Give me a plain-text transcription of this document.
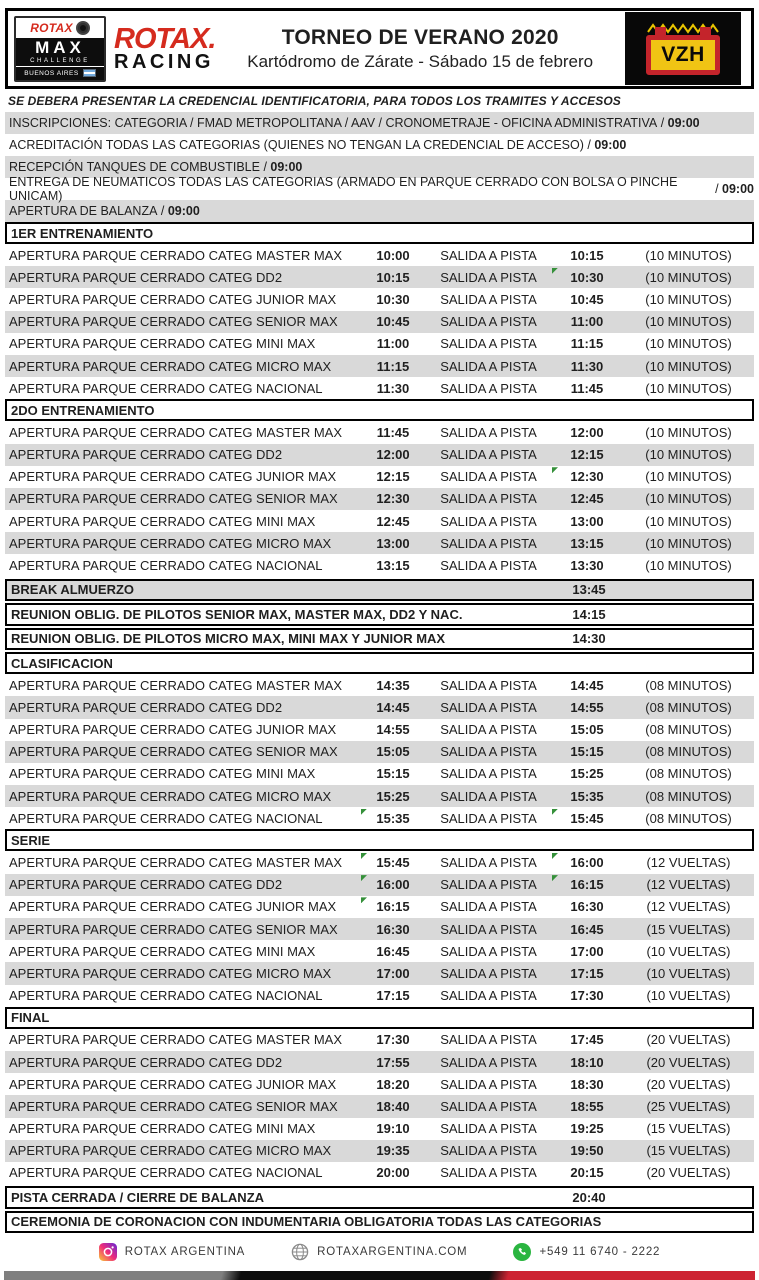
ROTAX
MAX
CHALLENGE
BUENOS AIRES
ROTAX.
RACING
TORNEO DE VERANO 2020
Kartódromo de Zárate - Sábado 15 de febrero	VZH
SE DEBERA PRESENTAR LA CREDENCIAL IDENTIFICATORIA, PARA TODOS LOS TRAMITES Y ACCESOS
INSCRIPCIONES: CATEGORIA / FMAD METROPOLITANA / AAV / CRONOMETRAJE - OFICINA ADMINISTRATIVA / 09:00
ACREDITACIÓN TODAS LAS CATEGORIAS (QUIENES NO TENGAN LA CREDENCIAL DE ACCESO) / 09:00
RECEPCIÓN TANQUES DE COMBUSTIBLE / 09:00
ENTREGA DE NEUMATICOS TODAS LAS CATEGORIAS (ARMADO EN PARQUE CERRADO CON BOLSA O PINCHE UNICAM)	/ 09:00
APERTURA DE BALANZA / 09:00
1ER ENTRENAMIENTO
APERTURA PARQUE CERRADO CATEG MASTER MAX	10:00	SALIDA A PISTA	10:15	(10 MINUTOS)
APERTURA PARQUE CERRADO CATEG DD2	10:15	SALIDA A PISTA	10:30	(10 MINUTOS)
APERTURA PARQUE CERRADO CATEG JUNIOR MAX	10:30	SALIDA A PISTA	10:45	(10 MINUTOS)
APERTURA PARQUE CERRADO CATEG SENIOR MAX	10:45	SALIDA A PISTA	11:00	(10 MINUTOS)
APERTURA PARQUE CERRADO CATEG MINI MAX	11:00	SALIDA A PISTA	11:15	(10 MINUTOS)
APERTURA PARQUE CERRADO CATEG MICRO MAX	11:15	SALIDA A PISTA	11:30	(10 MINUTOS)
APERTURA PARQUE CERRADO CATEG NACIONAL	11:30	SALIDA A PISTA	11:45	(10 MINUTOS)
2DO ENTRENAMIENTO
APERTURA PARQUE CERRADO CATEG MASTER MAX	11:45	SALIDA A PISTA	12:00	(10 MINUTOS)
APERTURA PARQUE CERRADO CATEG DD2	12:00	SALIDA A PISTA	12:15	(10 MINUTOS)
APERTURA PARQUE CERRADO CATEG JUNIOR MAX	12:15	SALIDA A PISTA	12:30	(10 MINUTOS)
APERTURA PARQUE CERRADO CATEG SENIOR MAX	12:30	SALIDA A PISTA	12:45	(10 MINUTOS)
APERTURA PARQUE CERRADO CATEG MINI MAX	12:45	SALIDA A PISTA	13:00	(10 MINUTOS)
APERTURA PARQUE CERRADO CATEG MICRO MAX	13:00	SALIDA A PISTA	13:15	(10 MINUTOS)
APERTURA PARQUE CERRADO CATEG NACIONAL	13:15	SALIDA A PISTA	13:30	(10 MINUTOS)
BREAK ALMUERZO	13:45
REUNION OBLIG. DE PILOTOS SENIOR MAX, MASTER MAX, DD2 Y NAC.	14:15
REUNION OBLIG. DE PILOTOS MICRO MAX, MINI MAX Y JUNIOR MAX	14:30
CLASIFICACION
APERTURA PARQUE CERRADO CATEG MASTER MAX	14:35	SALIDA A PISTA	14:45	(08 MINUTOS)
APERTURA PARQUE CERRADO CATEG DD2	14:45	SALIDA A PISTA	14:55	(08 MINUTOS)
APERTURA PARQUE CERRADO CATEG JUNIOR MAX	14:55	SALIDA A PISTA	15:05	(08 MINUTOS)
APERTURA PARQUE CERRADO CATEG SENIOR MAX	15:05	SALIDA A PISTA	15:15	(08 MINUTOS)
APERTURA PARQUE CERRADO CATEG MINI MAX	15:15	SALIDA A PISTA	15:25	(08 MINUTOS)
APERTURA PARQUE CERRADO CATEG MICRO MAX	15:25	SALIDA A PISTA	15:35	(08 MINUTOS)
APERTURA PARQUE CERRADO CATEG NACIONAL	15:35	SALIDA A PISTA	15:45	(08 MINUTOS)
SERIE
APERTURA PARQUE CERRADO CATEG MASTER MAX	15:45	SALIDA A PISTA	16:00	(12 VUELTAS)
APERTURA PARQUE CERRADO CATEG DD2	16:00	SALIDA A PISTA	16:15	(12 VUELTAS)
APERTURA PARQUE CERRADO CATEG JUNIOR MAX	16:15	SALIDA A PISTA	16:30	(12 VUELTAS)
APERTURA PARQUE CERRADO CATEG SENIOR MAX	16:30	SALIDA A PISTA	16:45	(15 VUELTAS)
APERTURA PARQUE CERRADO CATEG MINI MAX	16:45	SALIDA A PISTA	17:00	(10 VUELTAS)
APERTURA PARQUE CERRADO CATEG MICRO MAX	17:00	SALIDA A PISTA	17:15	(10 VUELTAS)
APERTURA PARQUE CERRADO CATEG NACIONAL	17:15	SALIDA A PISTA	17:30	(10 VUELTAS)
FINAL
APERTURA PARQUE CERRADO CATEG MASTER MAX	17:30	SALIDA A PISTA	17:45	(20 VUELTAS)
APERTURA PARQUE CERRADO CATEG DD2	17:55	SALIDA A PISTA	18:10	(20 VUELTAS)
APERTURA PARQUE CERRADO CATEG JUNIOR MAX	18:20	SALIDA A PISTA	18:30	(20 VUELTAS)
APERTURA PARQUE CERRADO CATEG SENIOR MAX	18:40	SALIDA A PISTA	18:55	(25 VUELTAS)
APERTURA PARQUE CERRADO CATEG MINI MAX	19:10	SALIDA A PISTA	19:25	(15 VUELTAS)
APERTURA PARQUE CERRADO CATEG MICRO MAX	19:35	SALIDA A PISTA	19:50	(15 VUELTAS)
APERTURA PARQUE CERRADO CATEG NACIONAL	20:00	SALIDA A PISTA	20:15	(20 VUELTAS)
PISTA CERRADA / CIERRE DE BALANZA	20:40
CEREMONIA DE CORONACION CON INDUMENTARIA OBLIGATORIA TODAS LAS CATEGORIAS
ROTAX ARGENTINA	ROTAXARGENTINA.COM	+549 11 6740 - 2222
